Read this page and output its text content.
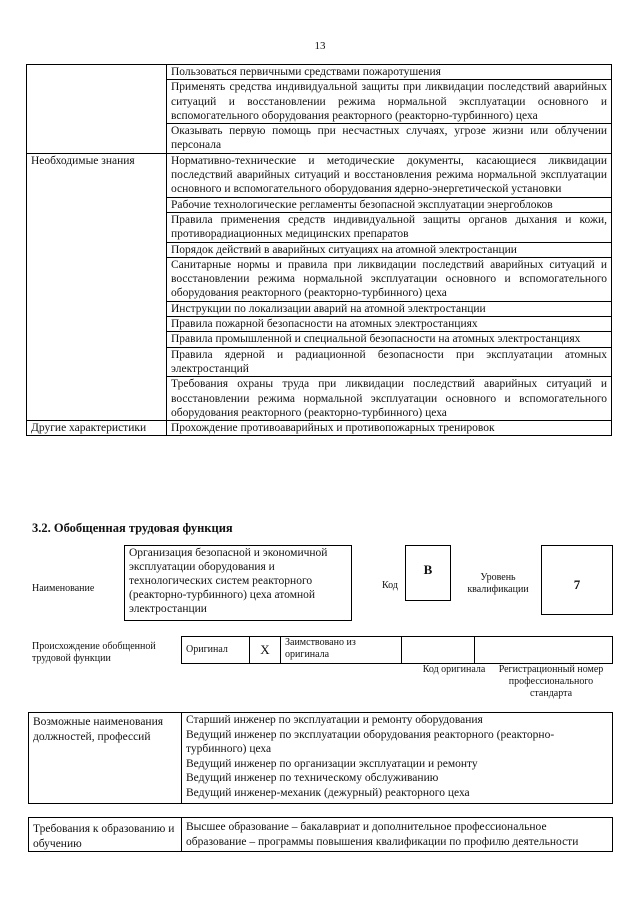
13
	Пользоваться первичными средствами пожаротушения
	Применять средства индивидуальной защиты при ликвидации последствий аварийных ситуаций и восстановлении режима нормальной эксплуатации основного и вспомогательного оборудования реакторного (реакторно-турбинного) цеха
	Оказывать первую помощь при несчастных случаях, угрозе жизни или облучении персонала
Необходимые знания	Нормативно-технические и методические документы, касающиеся ликвидации последствий аварийных ситуаций и восстановления режима нормальной эксплуатации основного и вспомогательного оборудования ядерно-энергетической установки
	Рабочие технологические регламенты безопасной эксплуатации энергоблоков
	Правила применения средств индивидуальной защиты органов дыхания и кожи, противорадиационных медицинских препаратов
	Порядок действий в аварийных ситуациях на атомной электростанции
	Санитарные нормы и правила при ликвидации последствий аварийных ситуаций и восстановлении режима нормальной эксплуатации основного и вспомогательного оборудования реакторного (реакторно-турбинного) цеха
	Инструкции по локализации аварий на атомной электростанции
	Правила пожарной безопасности на атомных электростанциях
	Правила промышленной и специальной безопасности на атомных электростанциях
	Правила ядерной и радиационной безопасности при эксплуатации атомных электростанций
	Требования охраны труда при ликвидации последствий аварийных ситуаций и восстановлении режима нормальной эксплуатации основного и вспомогательного оборудования реакторного (реакторно-турбинного) цеха
Другие характеристики	Прохождение противоаварийных и противопожарных тренировок
3.2. Обобщенная трудовая функция
Наименование
Организация безопасной и экономичной эксплуатации оборудования и технологических систем реакторного (реакторно-турбинного) цеха атомной электростанции
Код
B
Уровень квалификации	7
Происхождение обобщенной трудовой функции
Оригинал	X	Заимствовано из оригинала		
Код оригинала	Регистрационный номер профессионального стандарта
Возможные наименования должностей, профессий	Старший инженер по эксплуатации и ремонту оборудования
Ведущий инженер по эксплуатации оборудования реакторного (реакторно-турбинного) цеха
Ведущий инженер по организации эксплуатации и ремонту
Ведущий инженер по техническому обслуживанию
Ведущий инженер-механик (дежурный) реакторного цеха
Требования к образованию и обучению	Высшее образование – бакалавриат и дополнительное профессиональное образование – программы повышения квалификации по профилю деятельности
